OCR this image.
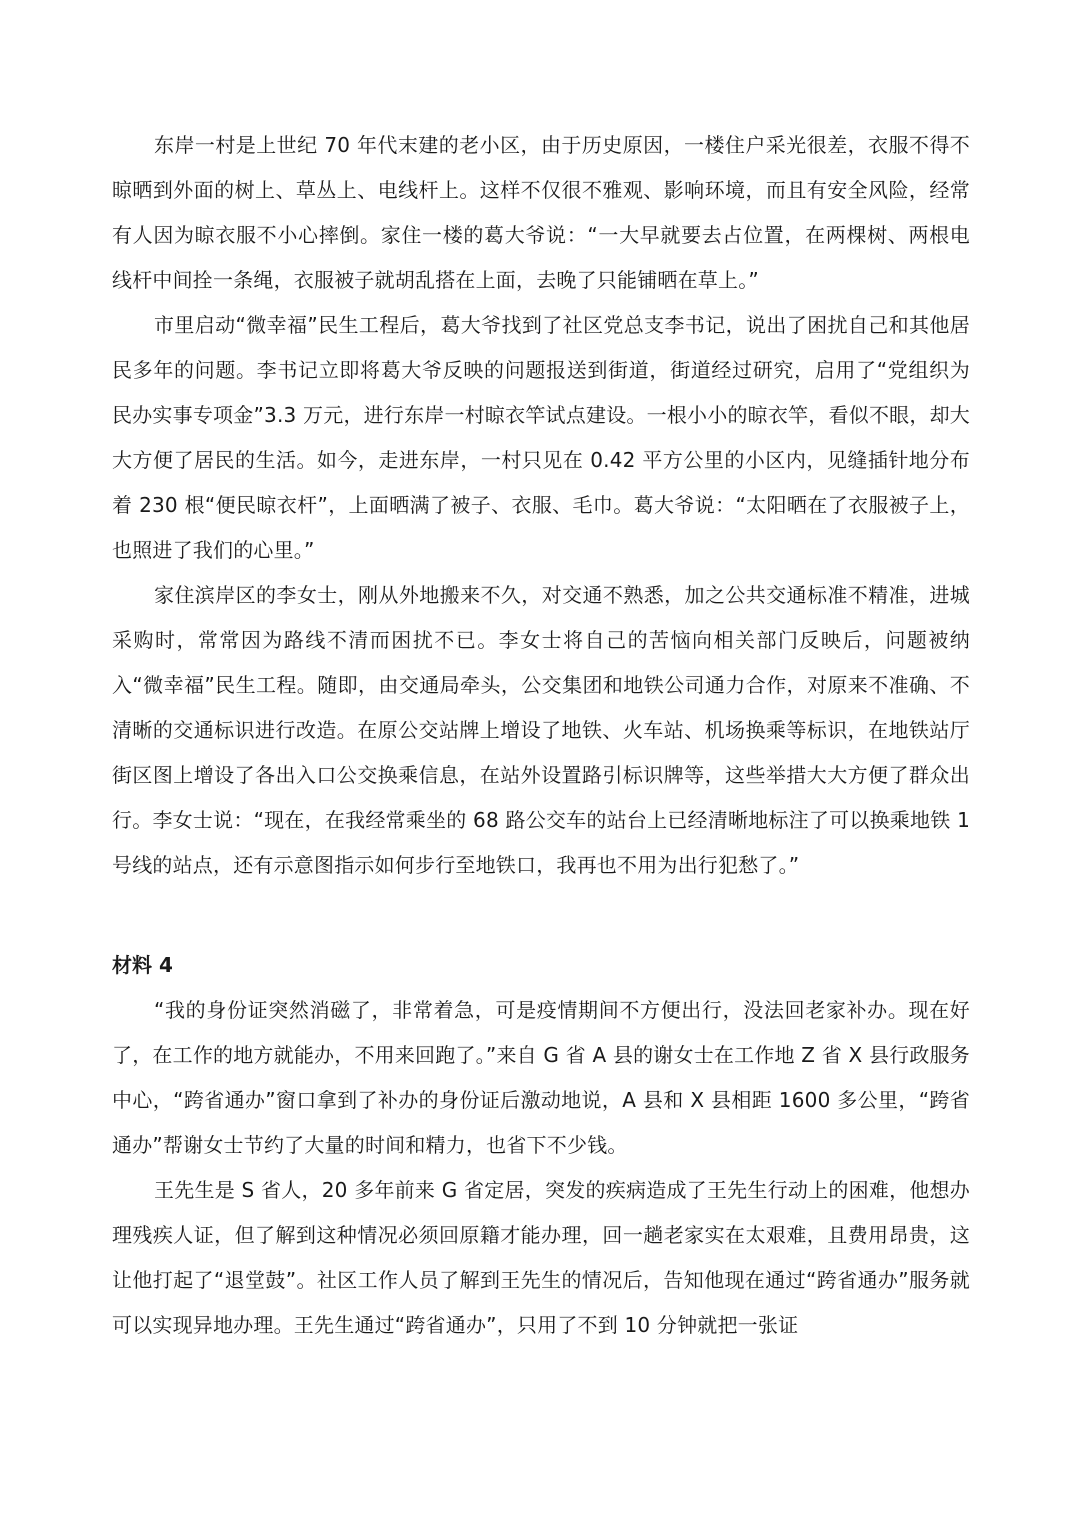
东岸一村是上世纪 70 年代末建的老小区，由于历史原因，一楼住户采光很差，衣服不得不晾晒到外面的树上、草丛上、电线杆上。这样不仅很不雅观、影响环境，而且有安全风险，经常有人因为晾衣服不小心摔倒。家住一楼的葛大爷说：“一大早就要去占位置，在两棵树、两根电线杆中间拴一条绳，衣服被子就胡乱搭在上面，去晚了只能铺晒在草上。”

市里启动“微幸福”民生工程后，葛大爷找到了社区党总支李书记，说出了困扰自己和其他居民多年的问题。李书记立即将葛大爷反映的问题报送到街道，街道经过研究，启用了“党组织为民办实事专项金”3.3 万元，进行东岸一村晾衣竿试点建设。一根小小的晾衣竿，看似不眼，却大大方便了居民的生活。如今，走进东岸，一村只见在 0.42 平方公里的小区内，见缝插针地分布着 230 根“便民晾衣杆”，上面晒满了被子、衣服、毛巾。葛大爷说：“太阳晒在了衣服被子上，也照进了我们的心里。”

家住滨岸区的李女士，刚从外地搬来不久，对交通不熟悉，加之公共交通标准不精准，进城采购时，常常因为路线不清而困扰不已。李女士将自己的苦恼向相关部门反映后，问题被纳入“微幸福”民生工程。随即，由交通局牵头，公交集团和地铁公司通力合作，对原来不准确、不清晰的交通标识进行改造。在原公交站牌上增设了地铁、火车站、机场换乘等标识，在地铁站厅街区图上增设了各出入口公交换乘信息，在站外设置路引标识牌等，这些举措大大方便了群众出行。李女士说：“现在，在我经常乘坐的 68 路公交车的站台上已经清晰地标注了可以换乘地铁 1 号线的站点，还有示意图指示如何步行至地铁口，我再也不用为出行犯愁了。”

材料 4

“我的身份证突然消磁了，非常着急，可是疫情期间不方便出行，没法回老家补办。现在好了，在工作的地方就能办，不用来回跑了。”来自 G 省 A 县的谢女士在工作地 Z 省 X 县行政服务中心，“跨省通办”窗口拿到了补办的身份证后激动地说，A 县和 X 县相距 1600 多公里，“跨省通办”帮谢女士节约了大量的时间和精力，也省下不少钱。

王先生是 S 省人，20 多年前来 G 省定居，突发的疾病造成了王先生行动上的困难，他想办理残疾人证，但了解到这种情况必须回原籍才能办理，回一趟老家实在太艰难，且费用昂贵，这让他打起了“退堂鼓”。社区工作人员了解到王先生的情况后，告知他现在通过“跨省通办”服务就可以实现异地办理。王先生通过“跨省通办”，只用了不到 10 分钟就把一张证
